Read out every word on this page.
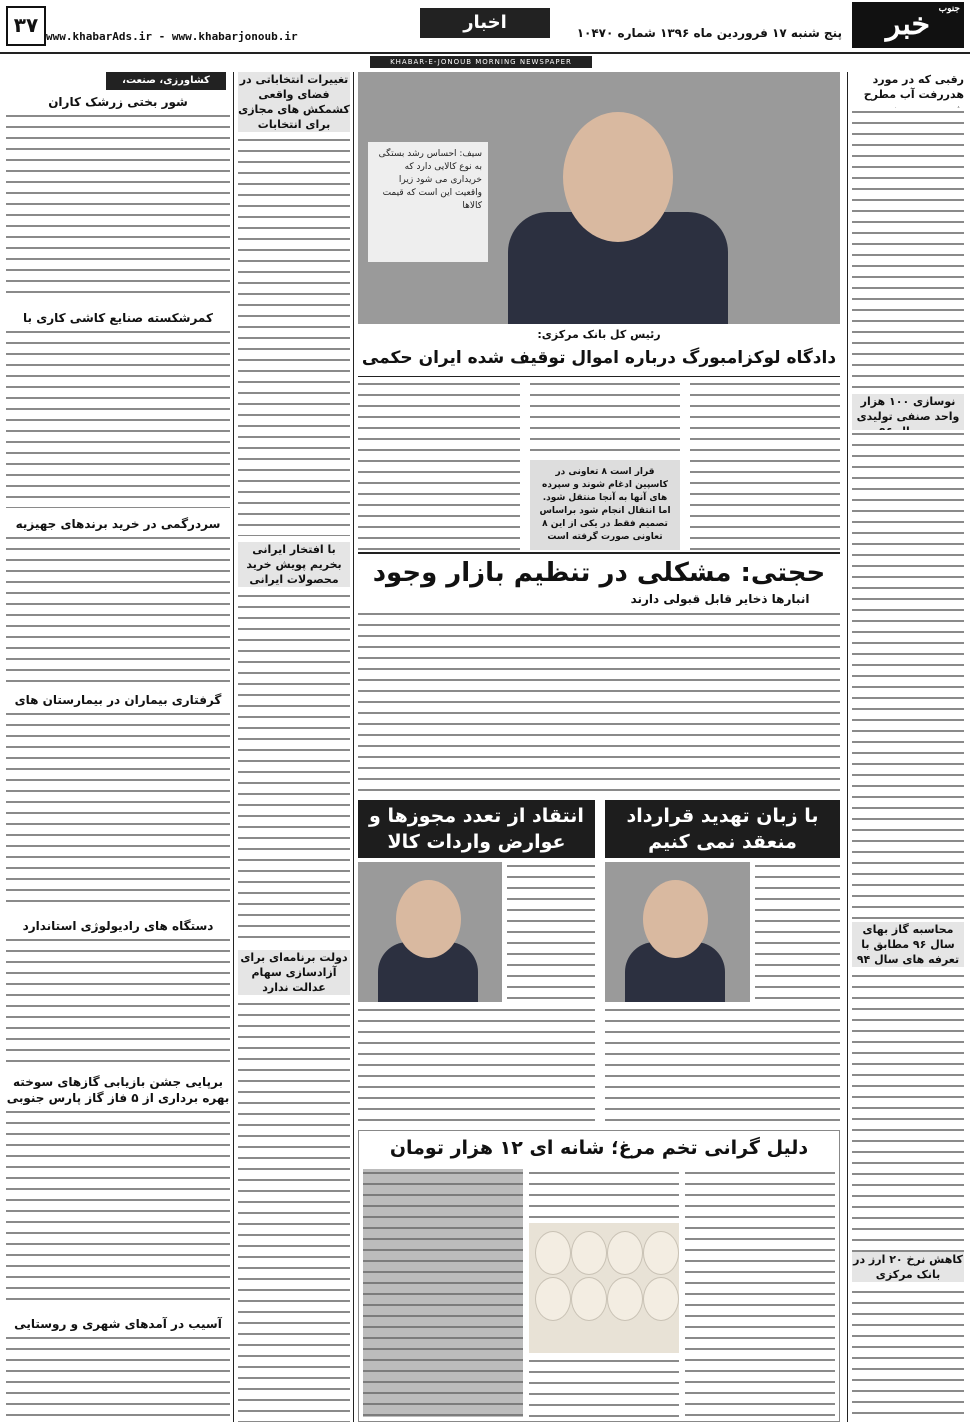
جنوب
خبر
پنج شنبه ۱۷ فروردین ماه ۱۳۹۶ شماره ۱۰۴۷۰
اخبار
www.khabarAds.ir - www.khabarjonoub.ir
۳۷
KHABAR-E-JONOUB MORNING NEWSPAPER
رقبی که در مورد
هدررفت آب مطرح
نوسازی ۱۰۰ هزار واحد صنفی تولیدی
محاسبه گاز بهای سال ۹۶ مطابق با تعرفه های سال ۹۴
کاهش نرخ ۲۰ ارز در بانک مرکزی
سیف: احساس رشد بستگی به نوع کالایی دارد که خریداری می شود زیرا واقعیت این است که قیمت کالاها
رئیس کل بانک مرکزی:
دادگاه لوکزامبورگ درباره اموال توقیف شده ایران حکمی
قرار است ۸ تعاونی در کاسپین ادغام شوند و سپرده های آنها به آنجا منتقل شود. اما انتقال انجام شود براساس تصمیم فقط در یکی از این ۸ تعاونی صورت گرفته است
حجتی: مشکلی در تنظیم بازار وجود
انبارها ذخایر قابل قبولی دارند
با زبان تهدید قرارداد منعقد نمی کنیم
انتقاد از تعدد مجوزها و عوارض واردات کالا
دلیل گرانی تخم مرغ؛ شانه ای ۱۲ هزار تومان
تغییرات انتخاباتی در فضای واقعی کشمکش های مجازی برای انتخابات
با افتخار ایرانی بخریم پویش خرید محصولات ایرانی
دولت برنامه‌ای برای آزادسازی سهام عدالت ندارد
کشاورزی، صنعت،
شور بختی زرشک کاران
کمرشکسته صنایع کاشی کاری با
سردرگمی در خرید برندهای جهیزیه
گرفتاری بیماران در بیمارستان های
دستگاه های رادیولوژی استاندارد
برپایی جشن بازیابی گازهای سوخته بهره برداری از ۵ فاز گاز پارس جنوبی
آسیب در آمدهای شهری و روستایی
